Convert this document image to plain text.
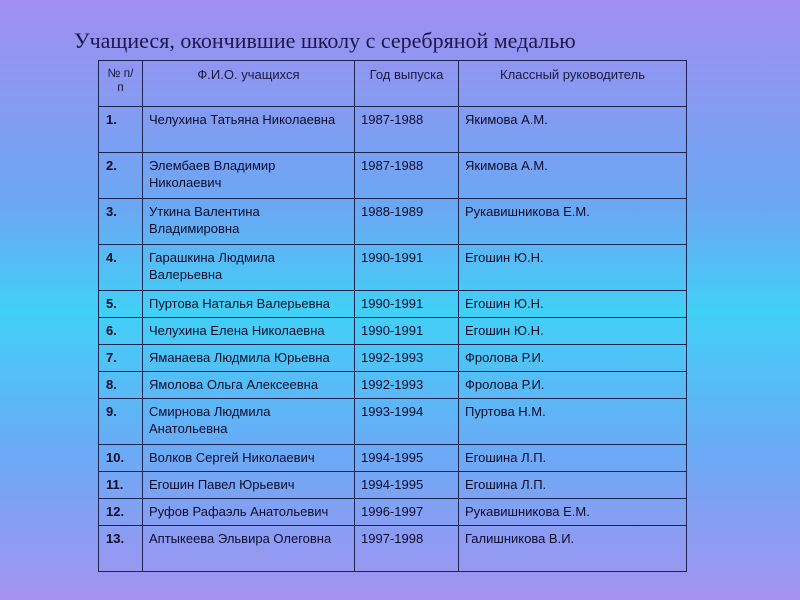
Учащиеся, окончившие школу с серебряной медалью
№ п/п	Ф.И.О. учащихся	Год выпуска	Классный руководитель
1.	Челухина Татьяна Николаевна	1987-1988	Якимова А.М.
2.	Элембаев Владимир Николаевич	1987-1988	Якимова А.М.
3.	Уткина Валентина Владимировна	1988-1989	Рукавишникова Е.М.
4.	Гарашкина Людмила Валерьевна	1990-1991	Егошин Ю.Н.
5.	Пуртова Наталья Валерьевна	1990-1991	Егошин Ю.Н.
6.	Челухина Елена Николаевна	1990-1991	Егошин Ю.Н.
7.	Яманаева Людмила Юрьевна	1992-1993	Фролова Р.И.
8.	Ямолова Ольга Алексеевна	1992-1993	Фролова Р.И.
9.	Смирнова Людмила Анатольевна	1993-1994	Пуртова Н.М.
10.	Волков Сергей Николаевич	1994-1995	Егошина Л.П.
11.	Егошин Павел Юрьевич	1994-1995	Егошина Л.П.
12.	Руфов Рафаэль Анатольевич	1996-1997	Рукавишникова Е.М.
13.	Аптыкеева Эльвира Олеговна	1997-1998	Галишникова В.И.
